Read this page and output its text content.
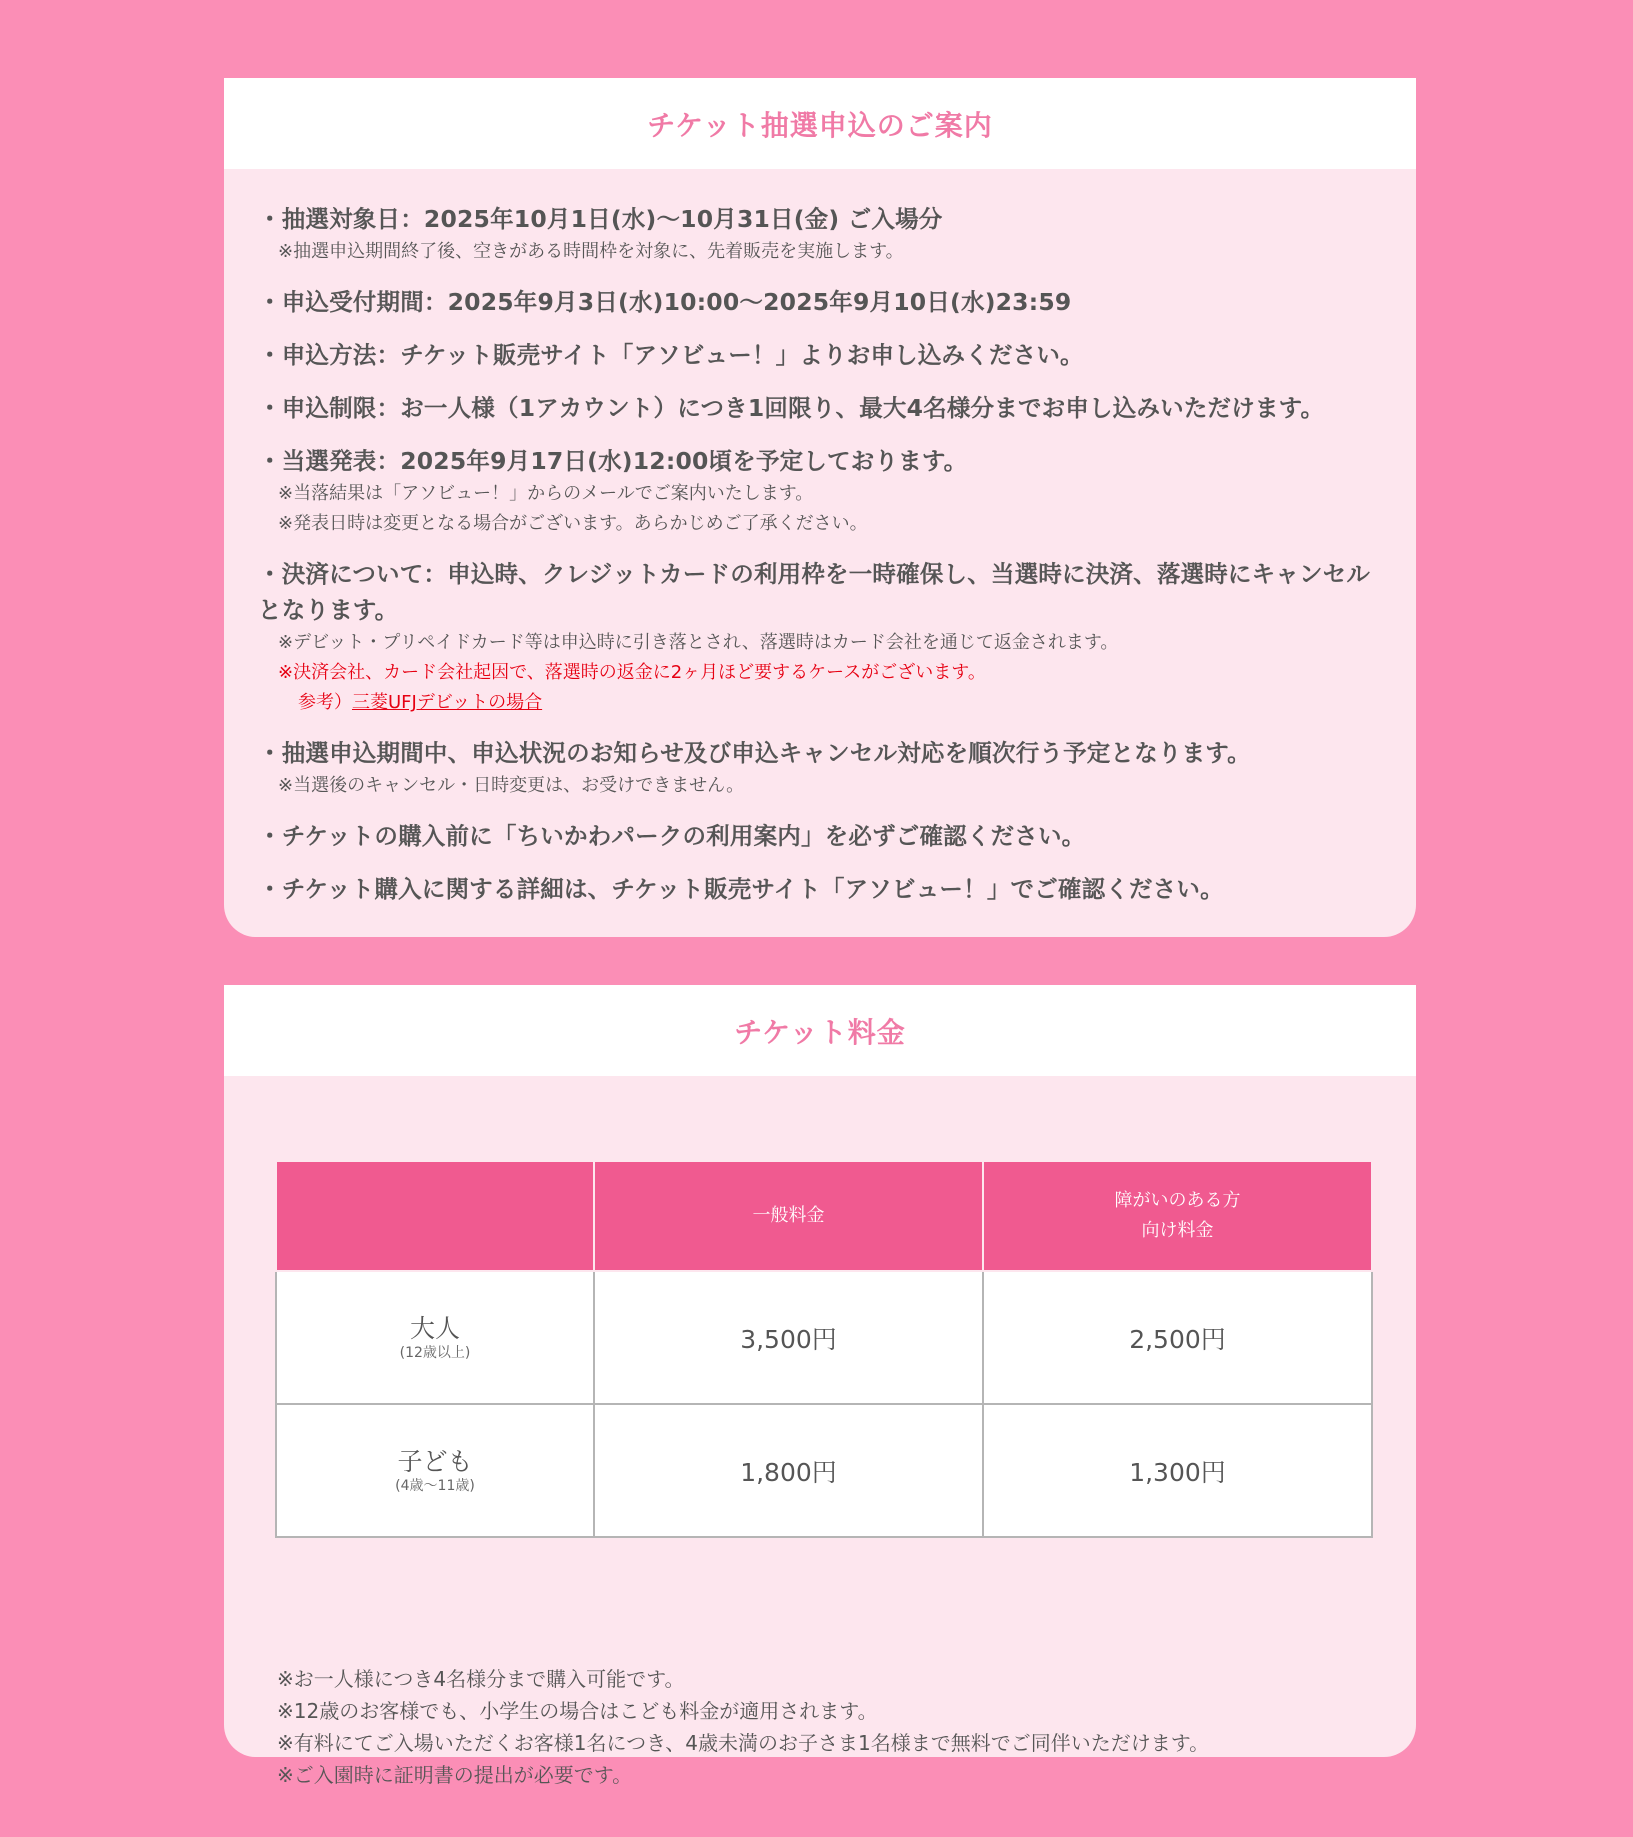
チケット抽選申込のご案内
・抽選対象日：2025年10月1日(水)〜10月31日(金) ご入場分
※抽選申込期間終了後、空きがある時間枠を対象に、先着販売を実施します。
・申込受付期間：2025年9月3日(水)10:00〜2025年9月10日(水)23:59
・申込方法：チケット販売サイト「アソビュー！」よりお申し込みください。
・申込制限：お一人様（1アカウント）につき1回限り、最大4名様分までお申し込みいただけます。
・当選発表：2025年9月17日(水)12:00頃を予定しております。
※当落結果は「アソビュー！」からのメールでご案内いたします。
※発表日時は変更となる場合がございます。あらかじめご了承ください。
・決済について：申込時、クレジットカードの利用枠を一時確保し、当選時に決済、落選時にキャンセルとなります。
※デビット・プリペイドカード等は申込時に引き落とされ、落選時はカード会社を通じて返金されます。
※決済会社、カード会社起因で、落選時の返金に2ヶ月ほど要するケースがございます。
参考）三菱UFJデビットの場合
・抽選申込期間中、申込状況のお知らせ及び申込キャンセル対応を順次行う予定となります。
※当選後のキャンセル・日時変更は、お受けできません。
・チケットの購入前に「ちいかわパークの利用案内」を必ずご確認ください。
・チケット購入に関する詳細は、チケット販売サイト「アソビュー！」でご確認ください。
チケット料金
	一般料金	障がいのある方
向け料金

大人
(12歳以上)	3,500円	2,500円

子ども
(4歳〜11歳)	1,800円	1,300円
※お一人様につき4名様分まで購入可能です。
※12歳のお客様でも、小学生の場合はこども料金が適用されます。
※有料にてご入場いただくお客様1名につき、4歳未満のお子さま1名様まで無料でご同伴いただけます。
※ご入園時に証明書の提出が必要です。
